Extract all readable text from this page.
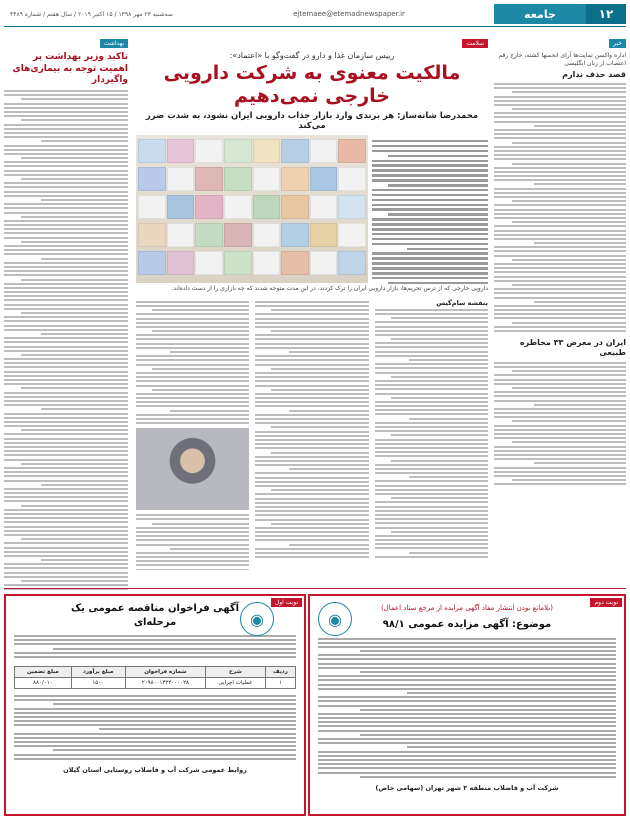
۱۲
جامعه
ejtemaee@etemadnewspaper.ir
سه‌شنبه ۲۳ مهر ۱۳۹۸ / ۱۵ اکتبر ۲۰۱۹ / سال هفتم / شماره ۴۴۸۹
خبر
اداره واکسن تماپت‌ها آرای انجمنها کشته، خارج رقم اعتصاب از زنان انگلیسی
قصد حذف ندارم
ایران در معرض ۳۳ مخاطره طبیعی
سلامت
رییس سازمان غذا و دارو در گفت‌وگو با «اعتماد»:
مالکیت معنوی به شرکت دارویی خارجی نمی‌دهیم
محمدرضا شانه‌ساز: هر برندی وارد بازار جذاب دارویی ایران نشود، به شدت ضرر می‌کند
دارویی خارجی که از ترس تحریم‌ها، بازار دارویی ایران را ترک کردند، در این مدت متوجه شدند که چه بازاری را از دست داده‌اند.
بنفشه سام‌گیس
بهداشت
تاکید وزیر بهداشت بر اهمیت توجه به بیماری‌های واگیردار
نوبت دوم
◉
(بلامانع بودن انتشار مفاد آگهی مزایده از مرجع ستاد اعمال)
موضوع: آگهی مزایده عمومی ۹۸/۱
شرکت آب و فاضلاب منطقه ۳ شهر تهران (سهامی خاص)
نوبت اول
◉
آگهی فراخوان مناقصه عمومی یک مرحله‌ای
ردیف	شرح	شماره فراخوان	مبلغ برآورد	مبلغ تضمین
۱	عملیات اجرایی	۲۰۹۸۰۰۱۳۲۴۰۰۰۰۲۸	۱۵۰۰	۸۸۰/۰۱۰
روابط عمومی شرکت آب و فاضلاب روستایی استان گیلان
